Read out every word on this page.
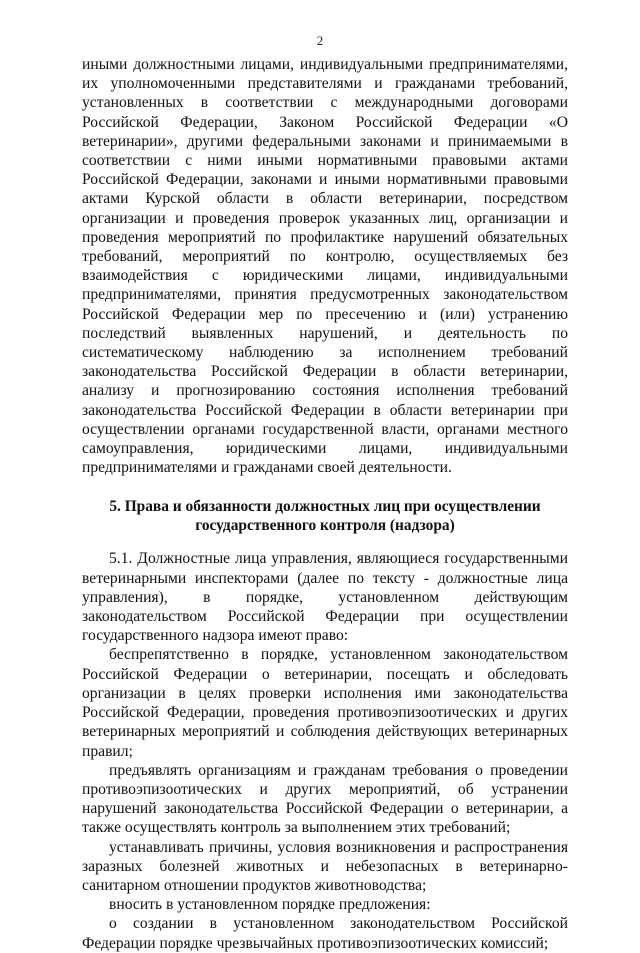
2

иными должностными лицами, индивидуальными предпринимателями, их уполномоченными представителями и гражданами требований, установленных в соответствии с международными договорами Российской Федерации, Законом Российской Федерации «О ветеринарии», другими федеральными законами и принимаемыми в соответствии с ними иными нормативными правовыми актами Российской Федерации, законами и иными нормативными правовыми актами Курской области в области ветеринарии, посредством организации и проведения проверок указанных лиц, организации и проведения мероприятий по профилактике нарушений обязательных требований, мероприятий по контролю, осуществляемых без взаимодействия с юридическими лицами, индивидуальными предпринимателями, принятия предусмотренных законодательством Российской Федерации мер по пресечению и (или) устранению последствий выявленных нарушений, и деятельность по систематическому наблюдению за исполнением требований законодательства Российской Федерации в области ветеринарии, анализу и прогнозированию состояния исполнения требований законодательства Российской Федерации в области ветеринарии при осуществлении органами государственной власти, органами местного самоуправления, юридическими лицами, индивидуальными предпринимателями и гражданами своей деятельности.

5. Права и обязанности должностных лиц при осуществлении
государственного контроля (надзора)

5.1. Должностные лица управления, являющиеся государственными ветеринарными инспекторами (далее по тексту - должностные лица управления), в порядке, установленном действующим законодательством Российской Федерации при осуществлении государственного надзора имеют право:

беспрепятственно в порядке, установленном законодательством Российской Федерации о ветеринарии, посещать и обследовать организации в целях проверки исполнения ими законодательства Российской Федерации, проведения противоэпизоотических и других ветеринарных мероприятий и соблюдения действующих ветеринарных правил;

предъявлять организациям и гражданам требования о проведении противоэпизоотических и других мероприятий, об устранении нарушений законодательства Российской Федерации о ветеринарии, а также осуществлять контроль за выполнением этих требований;

устанавливать причины, условия возникновения и распространения заразных болезней животных и небезопасных в ветеринарно-санитарном отношении продуктов животноводства;

вносить в установленном порядке предложения:

о создании в установленном законодательством Российской Федерации порядке чрезвычайных противоэпизоотических комиссий;
